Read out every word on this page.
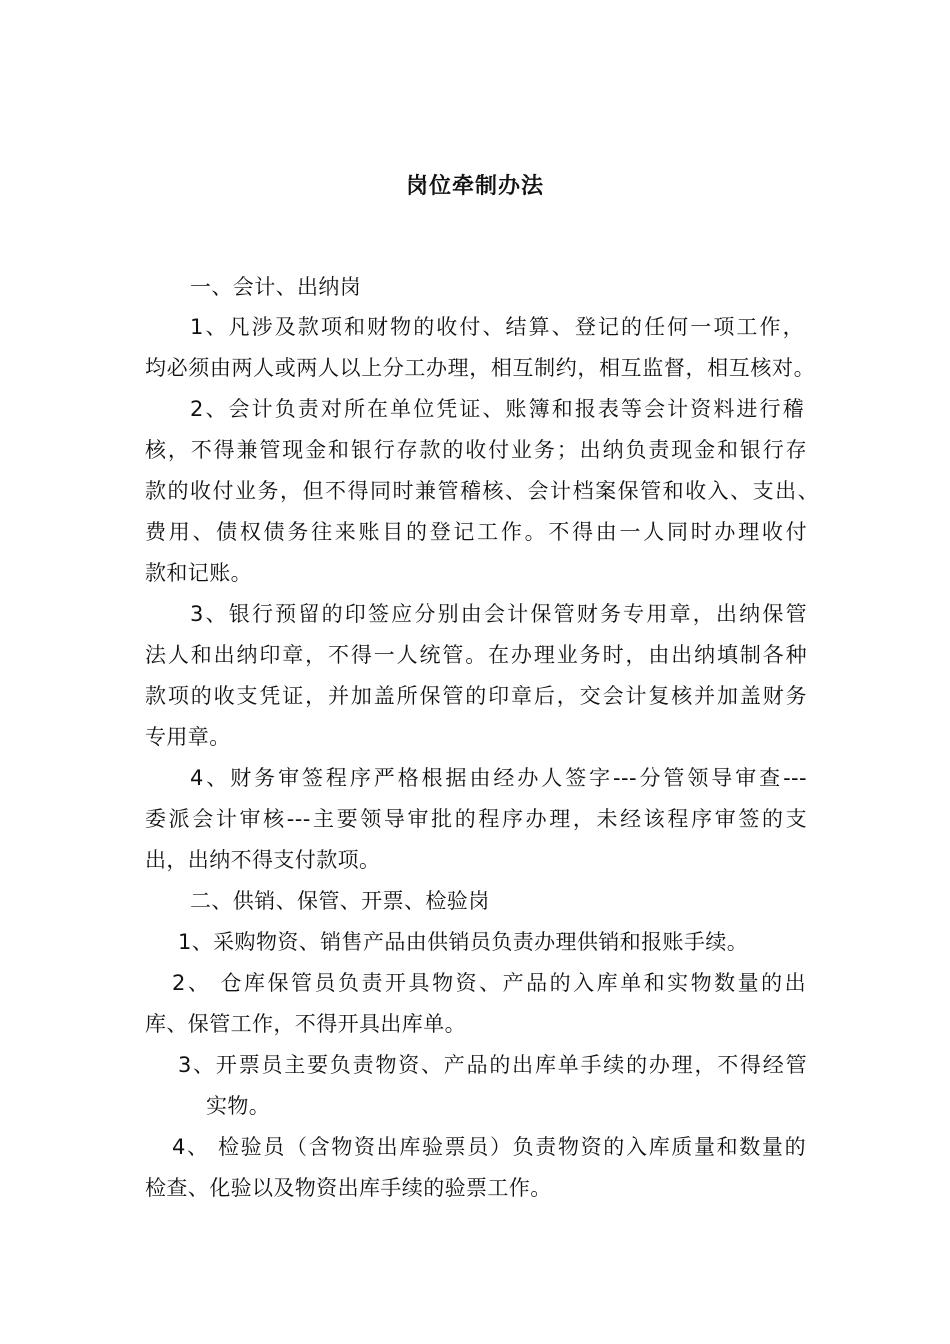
岗位牵制办法
一、会计、出纳岗
1、凡涉及款项和财物的收付、结算、登记的任何一项工作，
均必须由两人或两人以上分工办理，相互制约，相互监督，相互核对。
2、会计负责对所在单位凭证、账簿和报表等会计资料进行稽
核，不得兼管现金和银行存款的收付业务；出纳负责现金和银行存
款的收付业务，但不得同时兼管稽核、会计档案保管和收入、支出、
费用、债权债务往来账目的登记工作。不得由一人同时办理收付
款和记账。
3、银行预留的印签应分别由会计保管财务专用章，出纳保管
法人和出纳印章，不得一人统管。在办理业务时，由出纳填制各种
款项的收支凭证，并加盖所保管的印章后，交会计复核并加盖财务
专用章。
4、财务审签程序严格根据由经办人签字---分管领导审查---
委派会计审核---主要领导审批的程序办理，未经该程序审签的支
出，出纳不得支付款项。
二、供销、保管、开票、检验岗
1、采购物资、销售产品由供销员负责办理供销和报账手续。
2、 仓库保管员负责开具物资、产品的入库单和实物数量的出
库、保管工作，不得开具出库单。
3、开票员主要负责物资、产品的出库单手续的办理，不得经管
实物。
4、 检验员（含物资出库验票员）负责物资的入库质量和数量的
检查、化验以及物资出库手续的验票工作。
